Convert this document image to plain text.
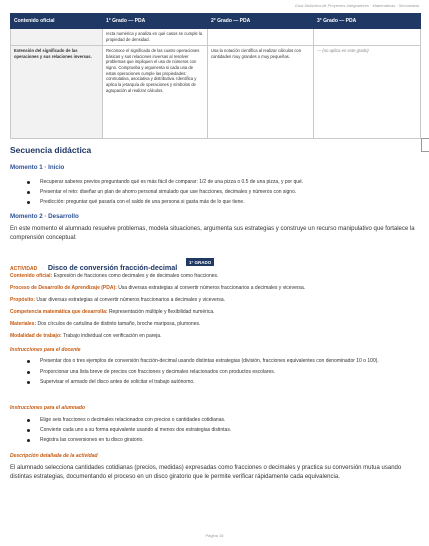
Guía Didáctica de Proyectos Integradores · Matemáticas · Secundaria
Contenido oficial	1° Grado — PDA	2° Grado — PDA	3° Grado — PDA
	recta numérica y analiza en qué casos se cumple la propiedad de densidad.		
Extensión del significado de las operaciones y sus relaciones inversas.	Reconoce el significado de las cuatro operaciones básicas y sus relaciones inversas al resolver problemas que impliquen el uso de números con signo. Comprueba y argumenta si cada una de estas operaciones cumple las propiedades: conmutativa, asociativa y distributiva. Identifica y aplica la jerarquía de operaciones y símbolos de agrupación al realizar cálculos.	Usa la notación científica al realizar cálculos con cantidades muy grandes o muy pequeñas.	— (no aplica en este grado)
Secuencia didáctica
Momento 1 · Inicio
Recuperar saberes previos preguntando qué es más fácil de comparar: 1/2 de una pizza o 0.5 de una pizza, y por qué.
Presentar el reto: diseñar un plan de ahorro personal simulado que use fracciones, decimales y números con signo.
Predicción: preguntar qué pasaría con el saldo de una persona si gasta más de lo que tiene.
Momento 2 · Desarrollo

En este momento el alumnado resuelve problemas, modela situaciones, argumenta sus estrategias y construye un recurso manipulativo que fortalece la comprensión conceptual:

ACTIVIDAD · Disco de conversión fracción-decimal
1° GRADO
Contenido oficial: Expresión de fracciones como decimales y de decimales como fracciones.
Proceso de Desarrollo de Aprendizaje (PDA): Usa diversas estrategias al convertir números fraccionarios a decimales y viceversa.
Propósito: Usar diversas estrategias al convertir números fraccionarios a decimales y viceversa.
Competencia matemática que desarrolla: Representación múltiple y flexibilidad numérica.
Materiales: Dos círculos de cartulina de distinto tamaño, broche mariposa, plumones.
Modalidad de trabajo: Trabajo individual con verificación en pareja.
Instrucciones para el docente
Presentar dos o tres ejemplos de conversión fracción-decimal usando distintas estrategias (división, fracciones equivalentes con denominador 10 o 100).
Proporcionar una lista breve de precios con fracciones y decimales relacionados con productos escolares.
Supervisar el armado del disco antes de solicitar el trabajo autónomo.
Instrucciones para el alumnado
Elige seis fracciones o decimales relacionados con precios o cantidades cotidianas.
Convierte cada uno a su forma equivalente usando al menos dos estrategias distintas.
Registra las conversiones en tu disco giratorio.
Descripción detallada de la actividad

El alumnado selecciona cantidades cotidianas (precios, medidas) expresadas como fracciones o decimales y practica su conversión mutua usando distintas estrategias, documentando el proceso en un disco giratorio que le permite verificar rápidamente cada equivalencia.

Página 16
